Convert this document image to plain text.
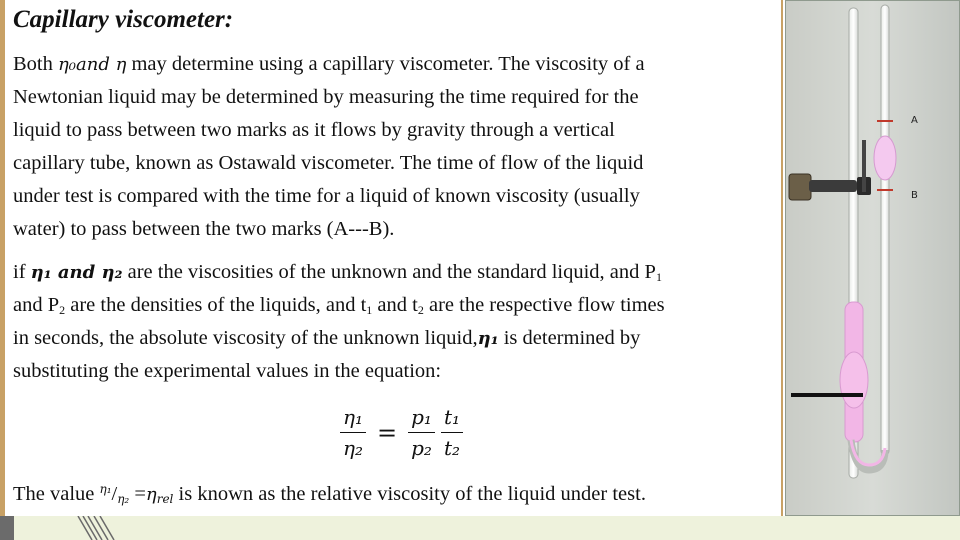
Capillary viscometer:
Both η₀and η may determine using a capillary viscometer. The viscosity of a
Newtonian liquid may be determined by measuring the time required for the
liquid to pass between two marks as it flows by gravity through a vertical
capillary tube, known as Ostawald viscometer. The time of flow of the liquid
under test is compared with the time for a liquid of known viscosity (usually
water) to pass between the two marks (A---B).
if η₁ and η₂ are the viscosities of the unknown and the standard liquid, and $P_1$
and $P_2$ are the densities of the liquids, and $t_1$ and $t_2$ are the respective flow times
in seconds, the absolute viscosity of the unknown liquid,η₁ is determined by
substituting the experimental values in the equation:
$\frac{\text{η₁}}{\text{η₂}} = \frac{\text{p₁}}{\text{p₂}} \frac{\text{t₁}}{\text{t₂}}$
The value $^{\eta_1}/_{\eta_2} =\eta_{rel}$ is known as the relative viscosity of the liquid under test.
A
B
